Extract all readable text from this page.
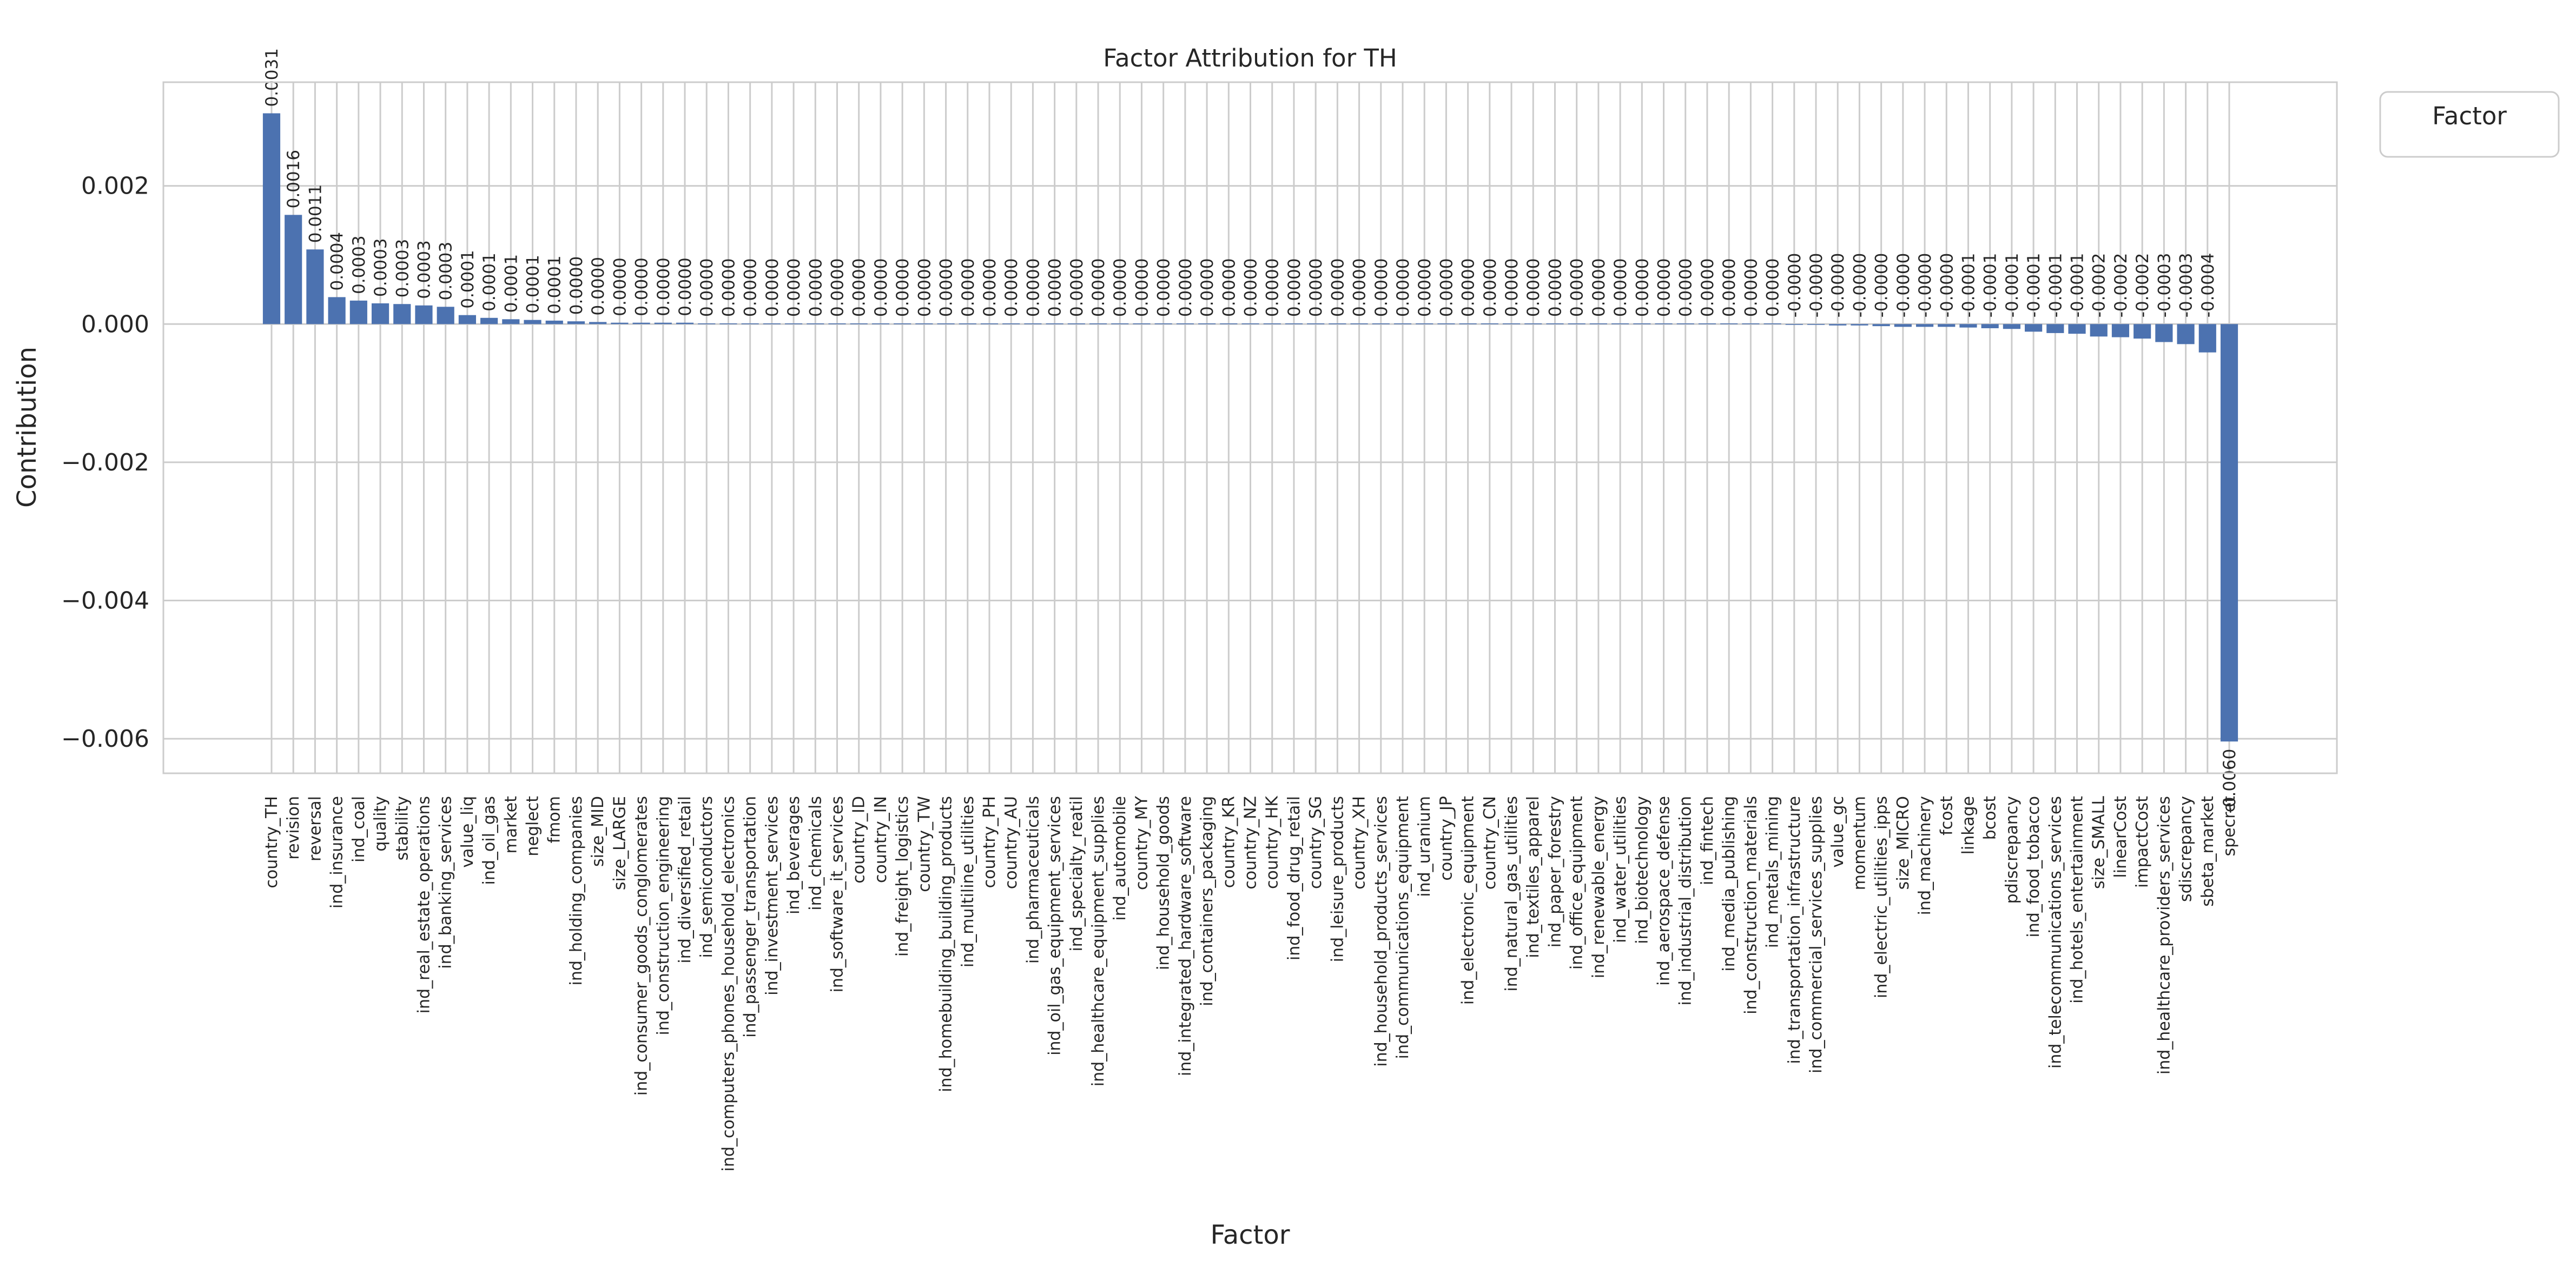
0.0031
0.0016
0.0011
0.0004 0.0003 0.0003 0.0003 0.0003 0.0003 0.0001 0.0001 0.0001 0.0001 0.0001 0.0000 0.0000 0.0000 0.0000 0.0000 0.0000 0.0000 0.0000 0.0000 0.0000 0.0000 0.0000 0.0000 0.0000 0.0000 0.0000 0.0000 0.0000 0.0000 0.0000 0.0000 0.0000 0.0000 0.0000 0.0000 0.0000 0.0000 0.0000 0.0000 0.0000 0.0000 0.0000 0.0000 0.0000 0.0000 0.0000 0.0000 0.0000 0.0000 0.0000 0.0000 0.0000 0.0000 0.0000 0.0000 0.0000 0.0000 0.0000 0.0000 0.0000 0.0000 0.0000 0.0000 0.0000 0.0000 0.0000 -0.0000 -0.0000 -0.0000 -0.0000 -0.0000 -0.0000 -0.0000 -0.0000 -0.0001 -0.0001 -0.0001 -0.0001 -0.0001 -0.0001 -0.0002 -0.0002 -0.0002 -0.0003 -0.0003 -0.0004
-0.0060
0.002
0.000
−0.002
−0.004
−0.006
country_TH revision reversal ind_insurance ind_coal quality stability ind_real_estate_operations ind_banking_services value_liq ind_oil_gas market neglect fmom ind_holding_companies size_MID size_LARGE ind_consumer_goods_conglomerates ind_construction_engineering ind_diversified_retail ind_semiconductors ind_computers_phones_household_electronics ind_passenger_transportation ind_investment_services ind_beverages ind_chemicals ind_software_it_services country_ID country_IN ind_freight_logistics country_TW ind_homebuilding_building_products ind_multiline_utilities country_PH country_AU ind_pharmaceuticals ind_oil_gas_equipment_services ind_specialty_reatil ind_healthcare_equipment_supplies ind_automobile country_MY ind_household_goods ind_integrated_hardware_software ind_containers_packaging country_KR country_NZ country_HK ind_food_drug_retail country_SG ind_leisure_products country_XH ind_household_products_services ind_communications_equipment ind_uranium country_JP ind_electronic_equipment country_CN ind_natural_gas_utilities ind_textiles_apparel ind_paper_forestry ind_office_equipment ind_renewable_energy ind_water_utilities ind_biotechnology ind_aerospace_defense ind_industrial_distribution ind_fintech ind_media_publishing ind_construction_materials ind_metals_mining ind_transportation_infrastructure ind_commercial_services_supplies value_gc momentum ind_electric_utilities_ipps size_MICRO ind_machinery fcost linkage bcost pdiscrepancy ind_food_tobacco ind_telecommunications_services ind_hotels_entertainment size_SMALL linearCost impactCost ind_healthcare_providers_services sdiscrepancy sbeta_market specret
Factor Attribution for TH
Factor
Contribution
Factor
